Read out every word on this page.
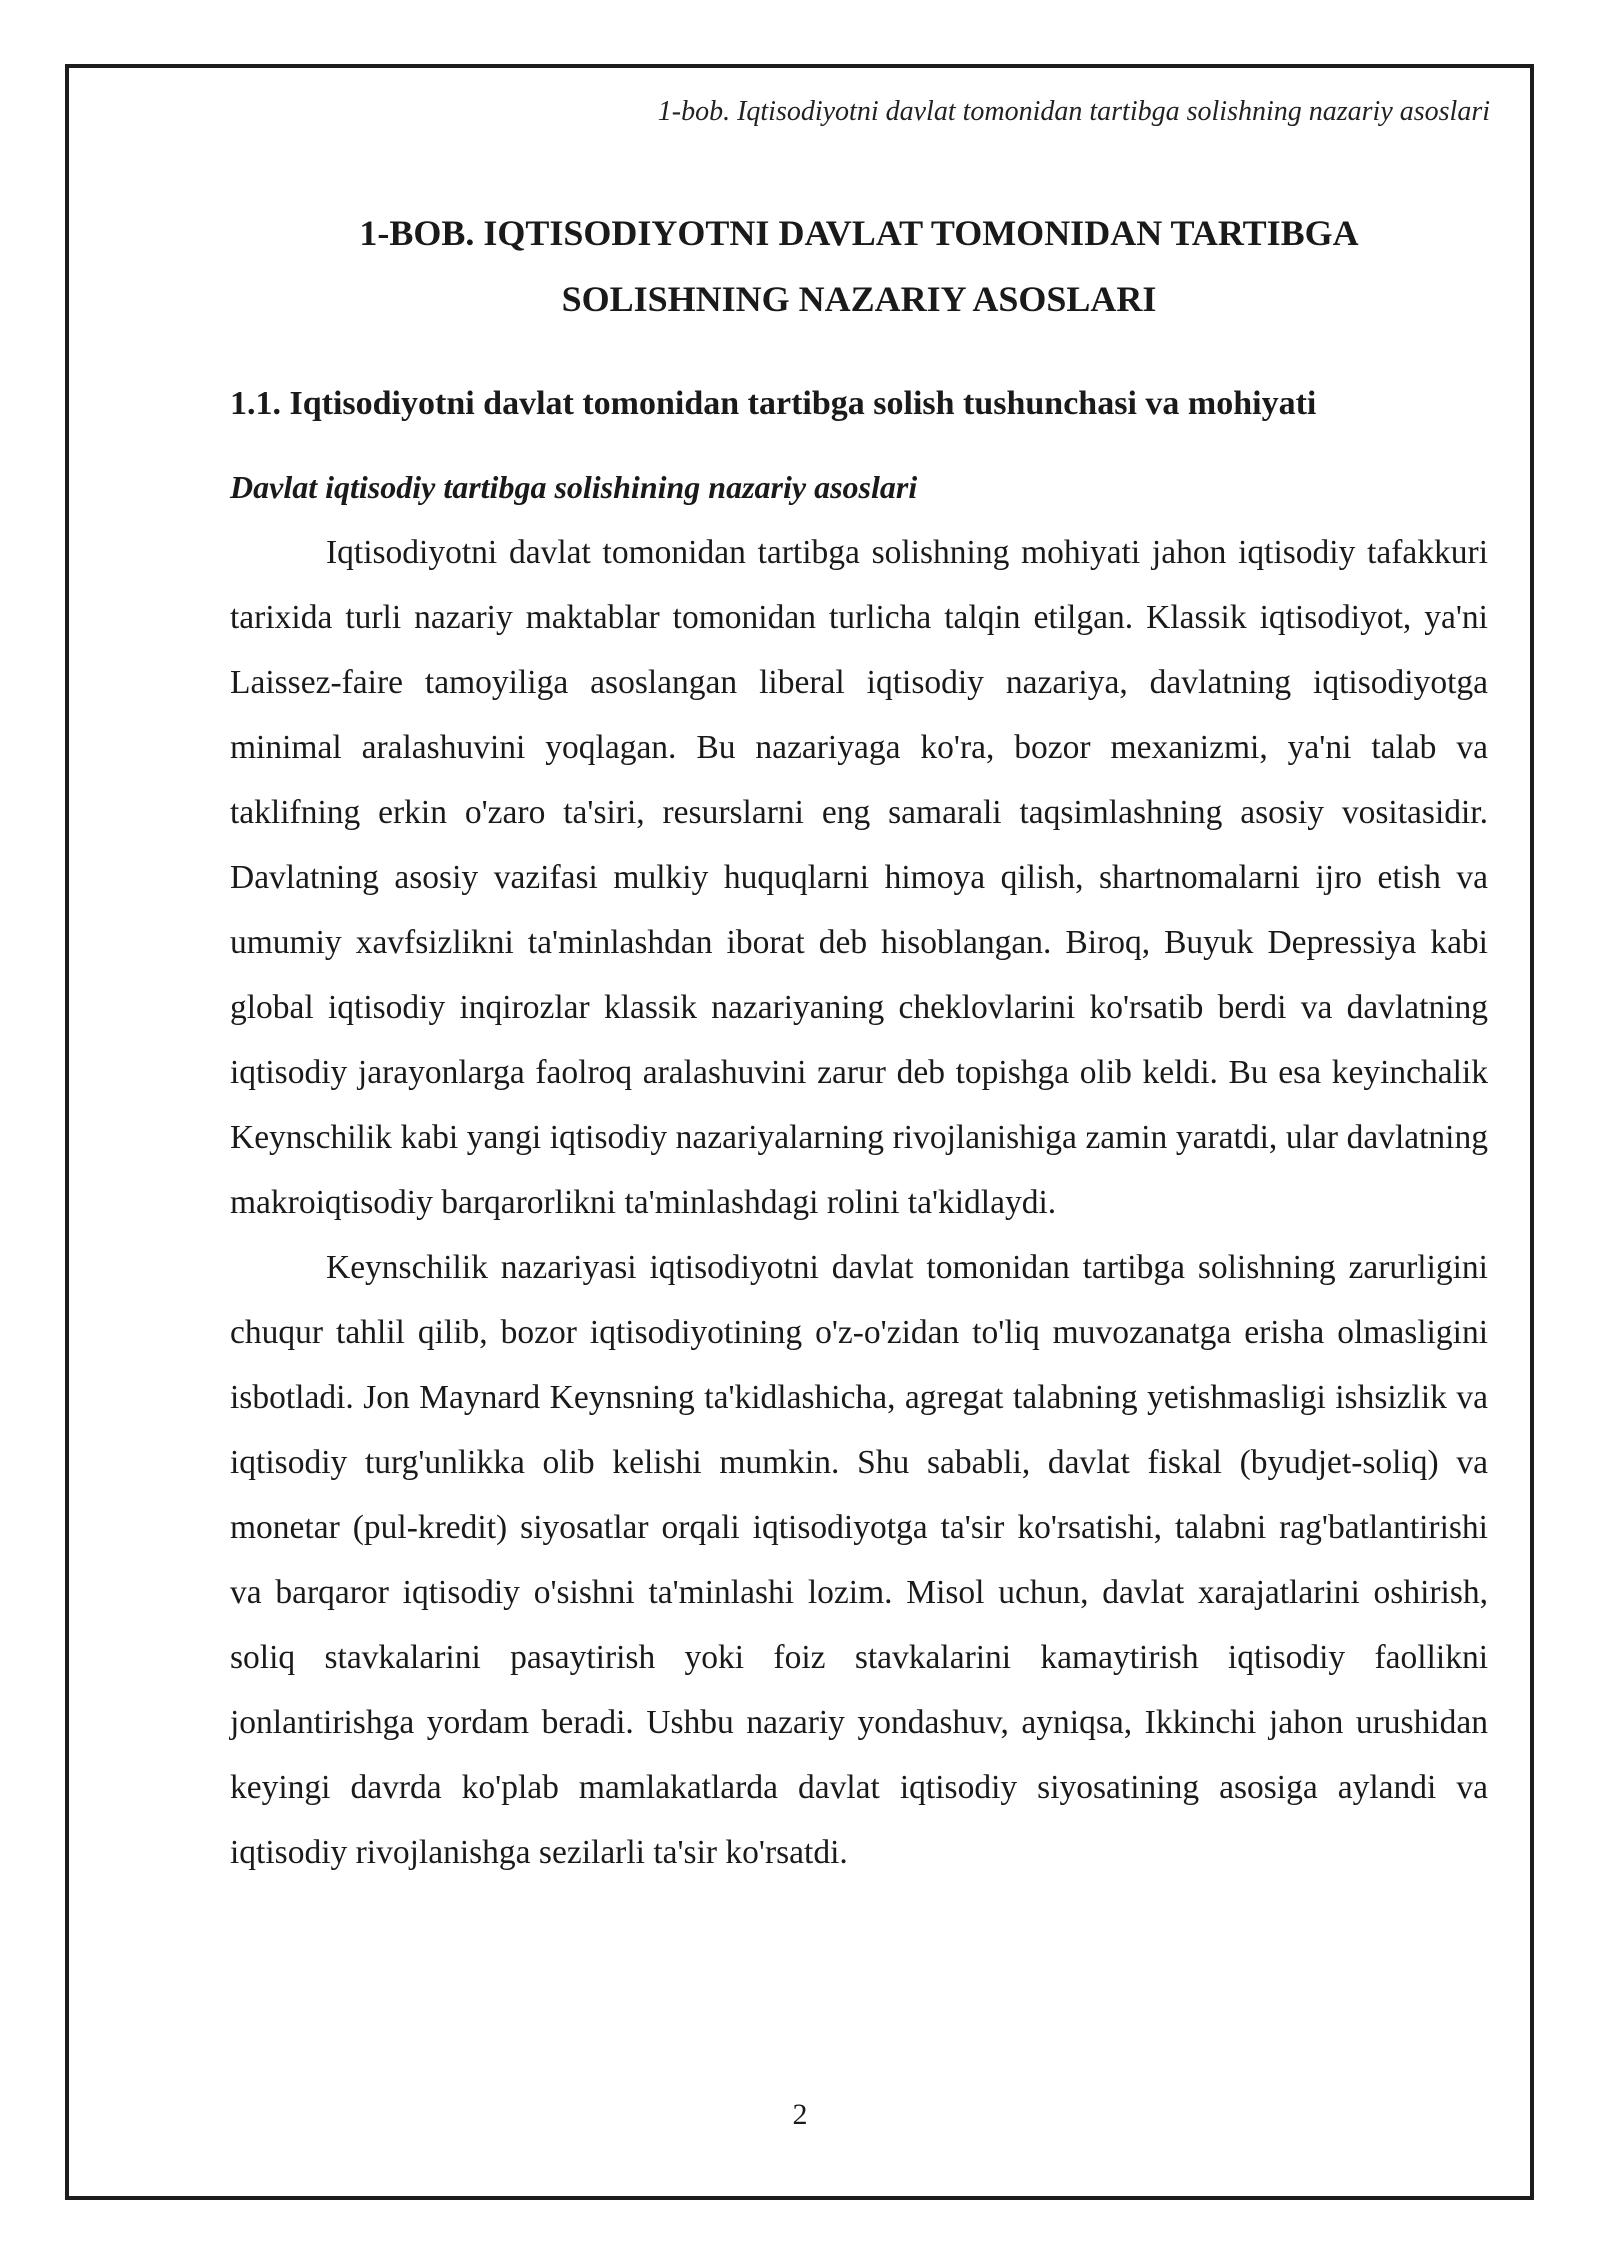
1-bob. Iqtisodiyotni davlat tomonidan tartibga solishning nazariy asoslari
1-BOB. IQTISODIYOTNI DAVLAT TOMONIDAN TARTIBGA
SOLISHNING NAZARIY ASOSLARI
1.1. Iqtisodiyotni davlat tomonidan tartibga solish tushunchasi va mohiyati
Davlat iqtisodiy tartibga solishining nazariy asoslari

Iqtisodiyotni davlat tomonidan tartibga solishning mohiyati jahon iqtisodiy tafakkuri tarixida turli nazariy maktablar tomonidan turlicha talqin etilgan. Klassik iqtisodiyot, ya'ni Laissez-faire tamoyiliga asoslangan liberal iqtisodiy nazariya, davlatning iqtisodiyotga minimal aralashuvini yoqlagan. Bu nazariyaga ko'ra, bozor mexanizmi, ya'ni talab va taklifning erkin o'zaro ta'siri, resurslarni eng samarali taqsimlashning asosiy vositasidir. Davlatning asosiy vazifasi mulkiy huquqlarni himoya qilish, shartnomalarni ijro etish va umumiy xavfsizlikni ta'minlashdan iborat deb hisoblangan. Biroq, Buyuk Depressiya kabi global iqtisodiy inqirozlar klassik nazariyaning cheklovlarini ko'rsatib berdi va davlatning iqtisodiy jarayonlarga faolroq aralashuvini zarur deb topishga olib keldi. Bu esa keyinchalik Keynschilik kabi yangi iqtisodiy nazariyalarning rivojlanishiga zamin yaratdi, ular davlatning makroiqtisodiy barqarorlikni ta'minlashdagi rolini ta'kidlaydi.

Keynschilik nazariyasi iqtisodiyotni davlat tomonidan tartibga solishning zarurligini chuqur tahlil qilib, bozor iqtisodiyotining o'z-o'zidan to'liq muvozanatga erisha olmasligini isbotladi. Jon Maynard Keynsning ta'kidlashicha, agregat talabning yetishmasligi ishsizlik va iqtisodiy turg'unlikka olib kelishi mumkin. Shu sababli, davlat fiskal (byudjet-soliq) va monetar (pul-kredit) siyosatlar orqali iqtisodiyotga ta'sir ko'rsatishi, talabni rag'batlantirishi va barqaror iqtisodiy o'sishni ta'minlashi lozim. Misol uchun, davlat xarajatlarini oshirish, soliq stavkalarini pasaytirish yoki foiz stavkalarini kamaytirish iqtisodiy faollikni jonlantirishga yordam beradi. Ushbu nazariy yondashuv, ayniqsa, Ikkinchi jahon urushidan keyingi davrda ko'plab mamlakatlarda davlat iqtisodiy siyosatining asosiga aylandi va iqtisodiy rivojlanishga sezilarli ta'sir ko'rsatdi.

2
